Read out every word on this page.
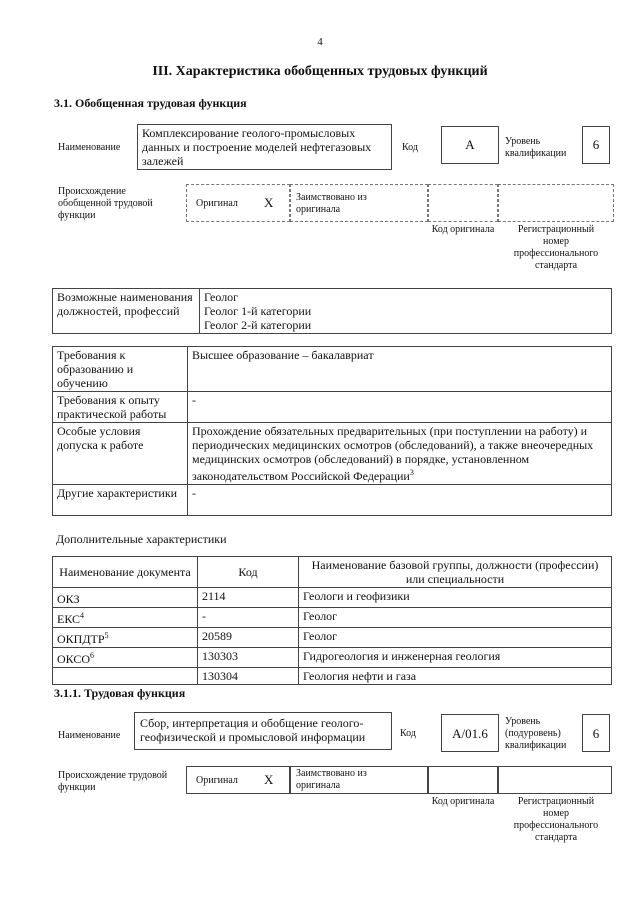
4
III. Характеристика обобщенных трудовых функций
3.1. Обобщенная трудовая функция
Наименование
Комплексирование геолого-промысловых данных и построение моделей нефтегазовых залежей
Код	А	Уровень квалификации
6
Происхождение обобщенной трудовой функции
Оригинал X Заимствовано из оригинала
Код оригинала	Регистрационный номер профессионального стандарта
Возможные наименования должностей, профессий	
Геолог
Геолог 1-й категории
Геолог 2-й категории
Требования к образованию и обучению	Высшее образование – бакалавриат
Требования к опыту практической работы	-
Особые условия допуска к работе	Прохождение обязательных предварительных (при поступлении на работу) и периодических медицинских осмотров (обследований), а также внеочередных медицинских осмотров (обследований) в порядке, установленном законодательством Российской Федерации$^3$
Другие характеристики	-
Дополнительные характеристики
Наименование документа	Код	Наименование базовой группы, должности (профессии) или специальности
ОКЗ	2114	Геологи и геофизики
ЕКС$^4$	-	Геолог
ОКПДТР$^5$	20589	Геолог
ОКСО$^6$	130303	Гидрогеология и инженерная геология
	130304	Геология нефти и газа
3.1.1. Трудовая функция
Наименование
Сбор, интерпретация и обобщение геолого-геофизической и промысловой информации	Код	А/01.6
Уровень (подуровень) квалификации
6
Происхождение трудовой функции
Оригинал X Заимствовано из оригинала
Код оригинала	Регистрационный номер профессионального стандарта
